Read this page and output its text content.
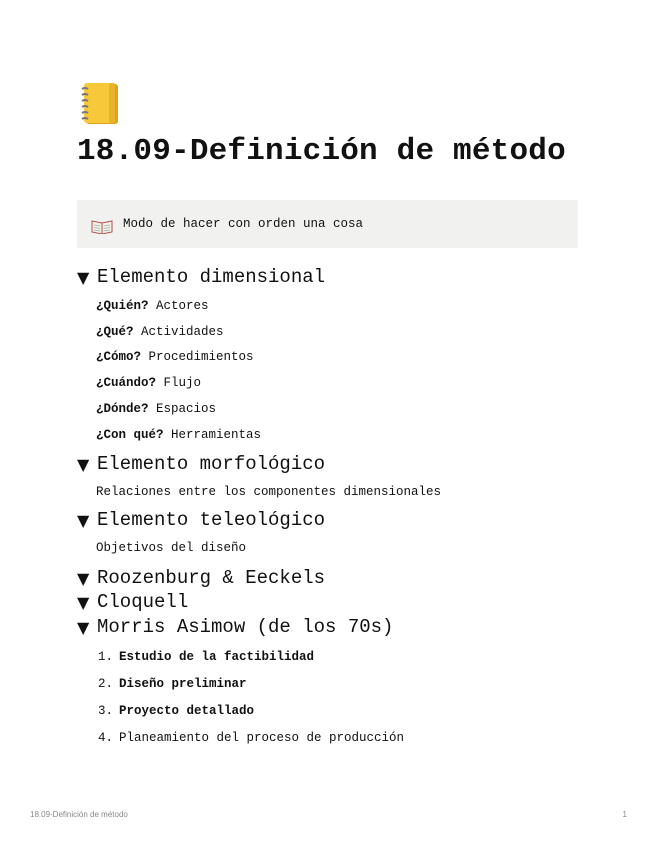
18.09-Definición de método
Modo de hacer con orden una cosa
▼ Elemento dimensional
¿Quién? Actores
¿Qué? Actividades
¿Cómo? Procedimientos
¿Cuándo? Flujo
¿Dónde? Espacios
¿Con qué? Herramientas
▼ Elemento morfológico
Relaciones entre los componentes dimensionales
▼ Elemento teleológico
Objetivos del diseño
▼ Roozenburg & Eeckels
▼ Cloquell
▼ Morris Asimow (de los 70s)
1. Estudio de la factibilidad
2. Diseño preliminar
3. Proyecto detallado
4. Planeamiento del proceso de producción
18.09-Definición de método	1
